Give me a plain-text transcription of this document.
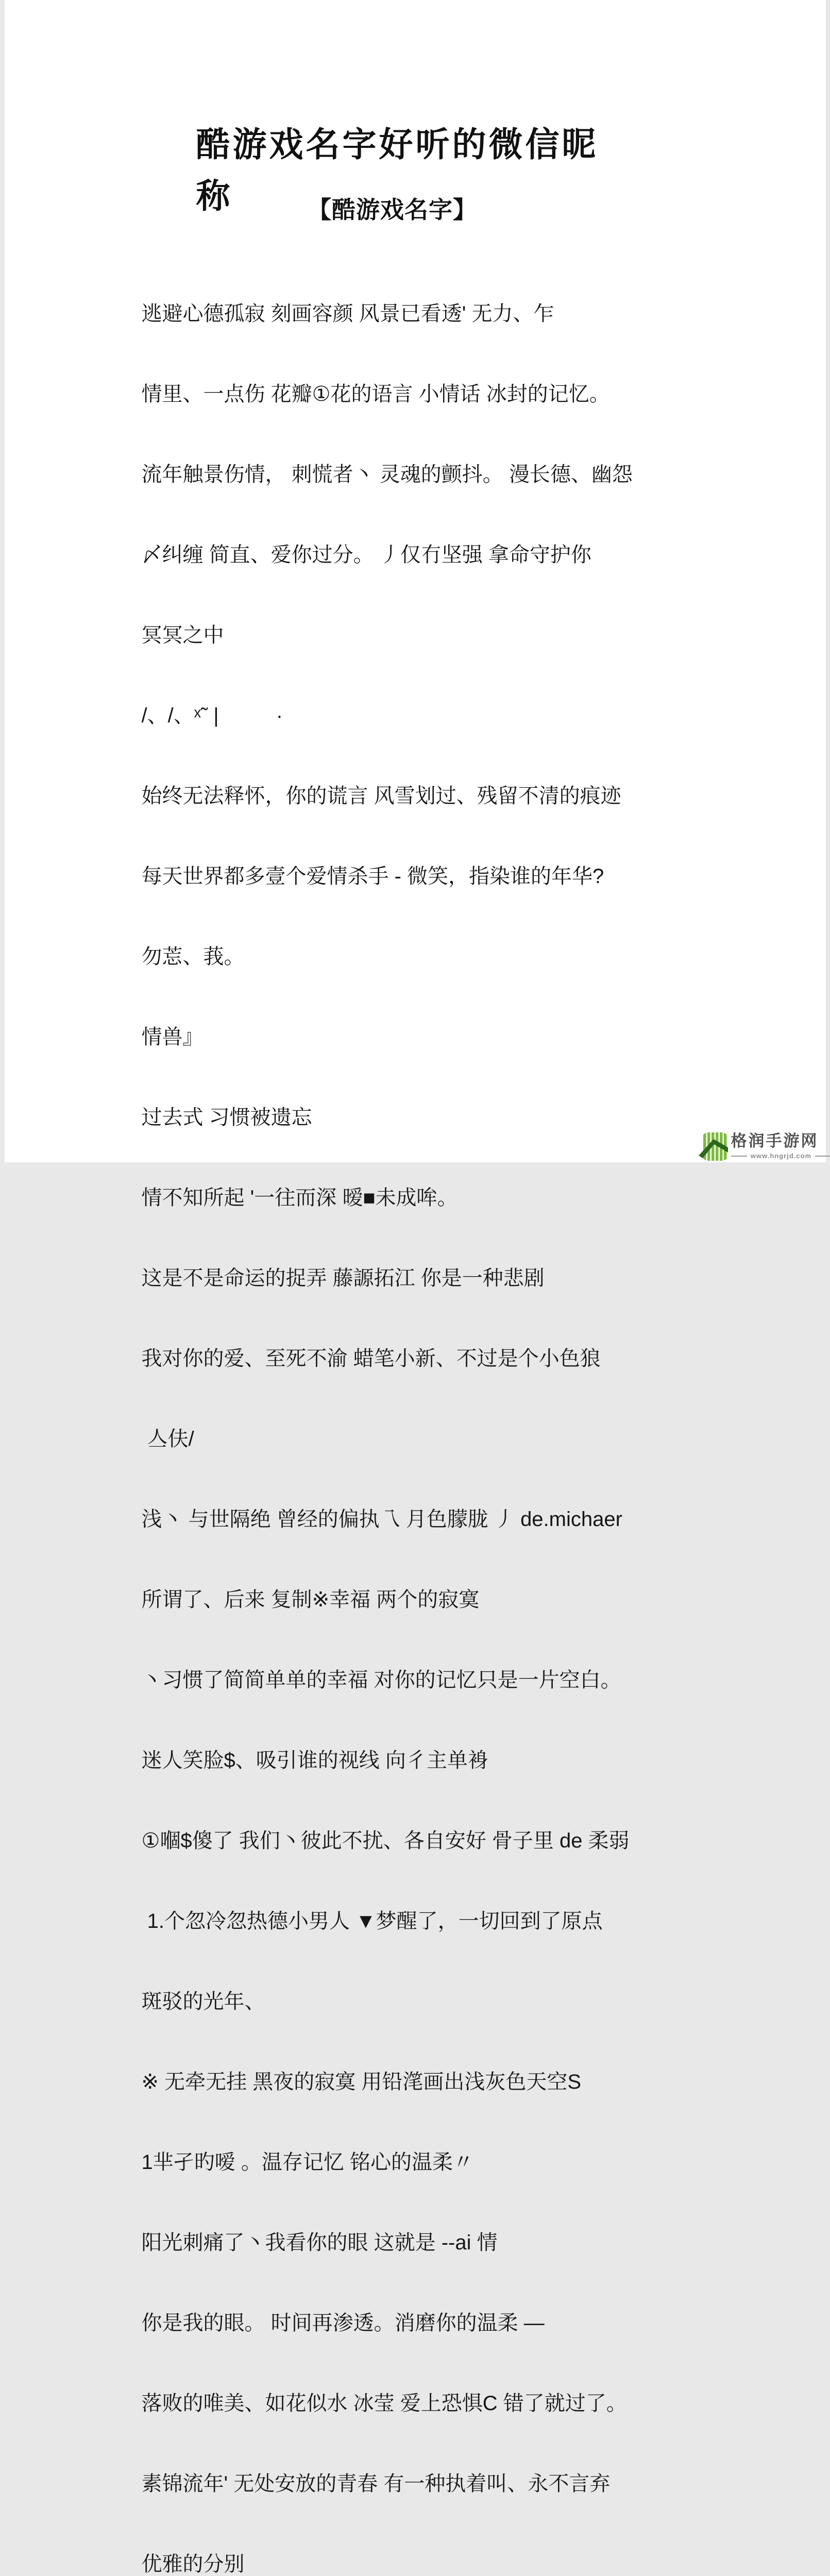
酷游戏名字好听的微信昵称	【酷游戏名字】

逃避心德孤寂 刻画容颜 风景已看透' 无力、乍

情里、一点伤 花瓣①花的语言 小情话 冰封的记忆。

流年触景伤情， 刺慌者丶 灵魂的颤抖。 漫长德、幽怨

〆纠缠 简直、爱你过分。 丿仅冇坚强 拿命守护你

冥冥之中

/、/、ˣ˜ |          ·

始终无法释怀，你的谎言 风雪划过、残留不清的痕迹

每天世界都多壹个爱情杀手 - 微笑，指染谁的年华?

勿莣、莪。

情兽』

过去式 习惯被遗忘

情不知所起 '一往而深 暧■未成哞。

这是不是命运的捉弄 藤謜拓江 你是一种悲剧

我对你的爱、至死不渝 蜡笔小新、不过是个小色狼

亼伕/

浅丶 与世隔绝 曾经的偏执乁 月色朦胧 丿 de.michaer

所谓了、后来 复制※幸福 两个的寂寞

丶习惯了简简单单的幸福 对你的记忆只是一片空白。

迷人笑脸$、吸引谁的视线 向彳主单裑

①嗰$傻了 我们丶彼此不扰、各自安好 骨子里 de 柔弱

1.个忽冷忽热德小男人 ▼梦醒了，一切回到了原点

斑驳的光年、

※ 无牵无挂 黑夜的寂寞 用铅滗画出浅灰色天空S

1芈孑旳嗳 。温存记忆 铭心的温柔〃

阳光刺痛了丶我看你的眼 这就是 --ai 情

你是我的眼。 时间再渗透。消磨你的温柔 —

落败的唯美、如花似水 冰莹 爱上恐惧C 错了就过了。

素锦流年' 无处安放的青春 有一种执着叫、永不言弃

优雅的分别

格润手游网
www.hngrjd.com
